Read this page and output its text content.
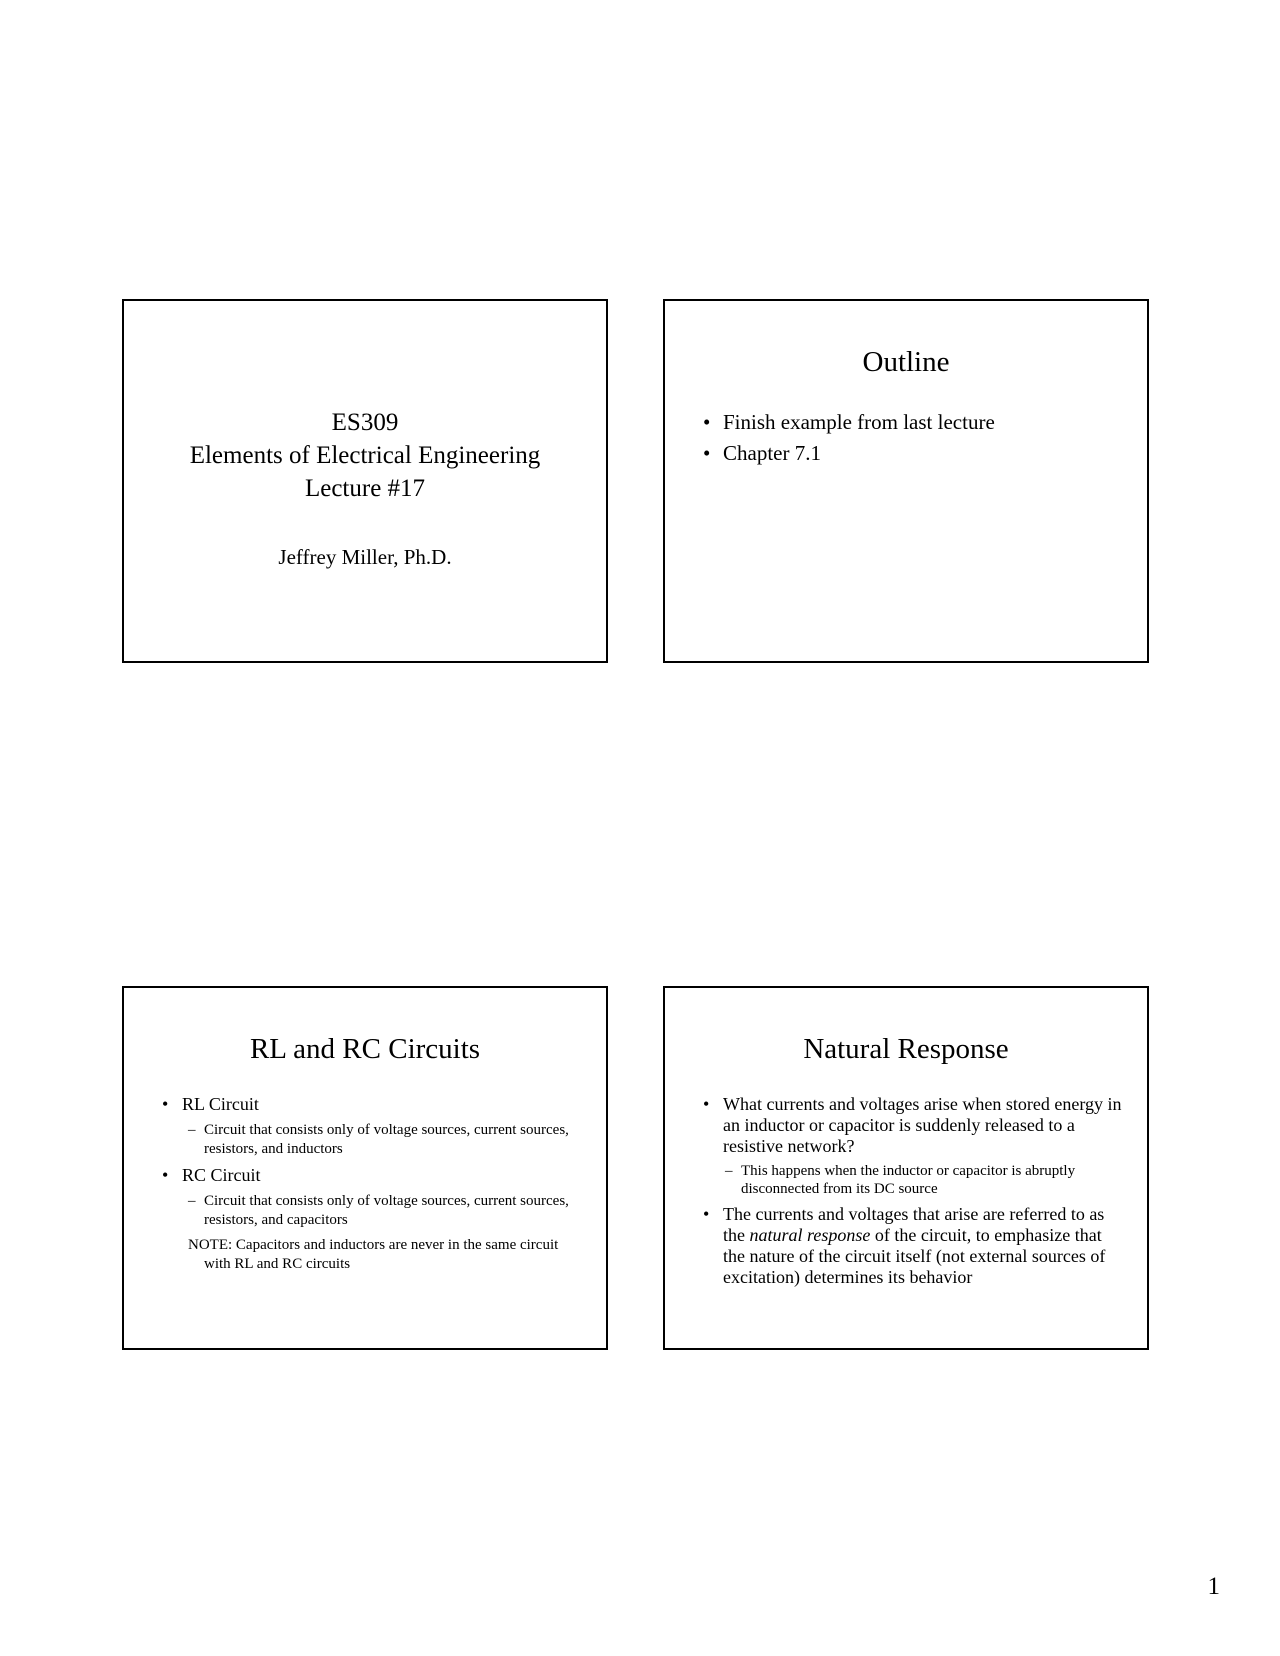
ES309
Elements of Electrical Engineering
Lecture #17
Jeffrey Miller, Ph.D.
Outline
• Finish example from last lecture
• Chapter 7.1
RL and RC Circuits
• RL Circuit
– Circuit that consists only of voltage sources, current sources, resistors, and inductors
• RC Circuit
– Circuit that consists only of voltage sources, current sources, resistors, and capacitors
NOTE: Capacitors and inductors are never in the same circuit with RL and RC circuits
Natural Response
• What currents and voltages arise when stored energy in an inductor or capacitor is suddenly released to a resistive network?
– This happens when the inductor or capacitor is abruptly disconnected from its DC source
• The currents and voltages that arise are referred to as the natural response of the circuit, to emphasize that the nature of the circuit itself (not external sources of excitation) determines its behavior
1
